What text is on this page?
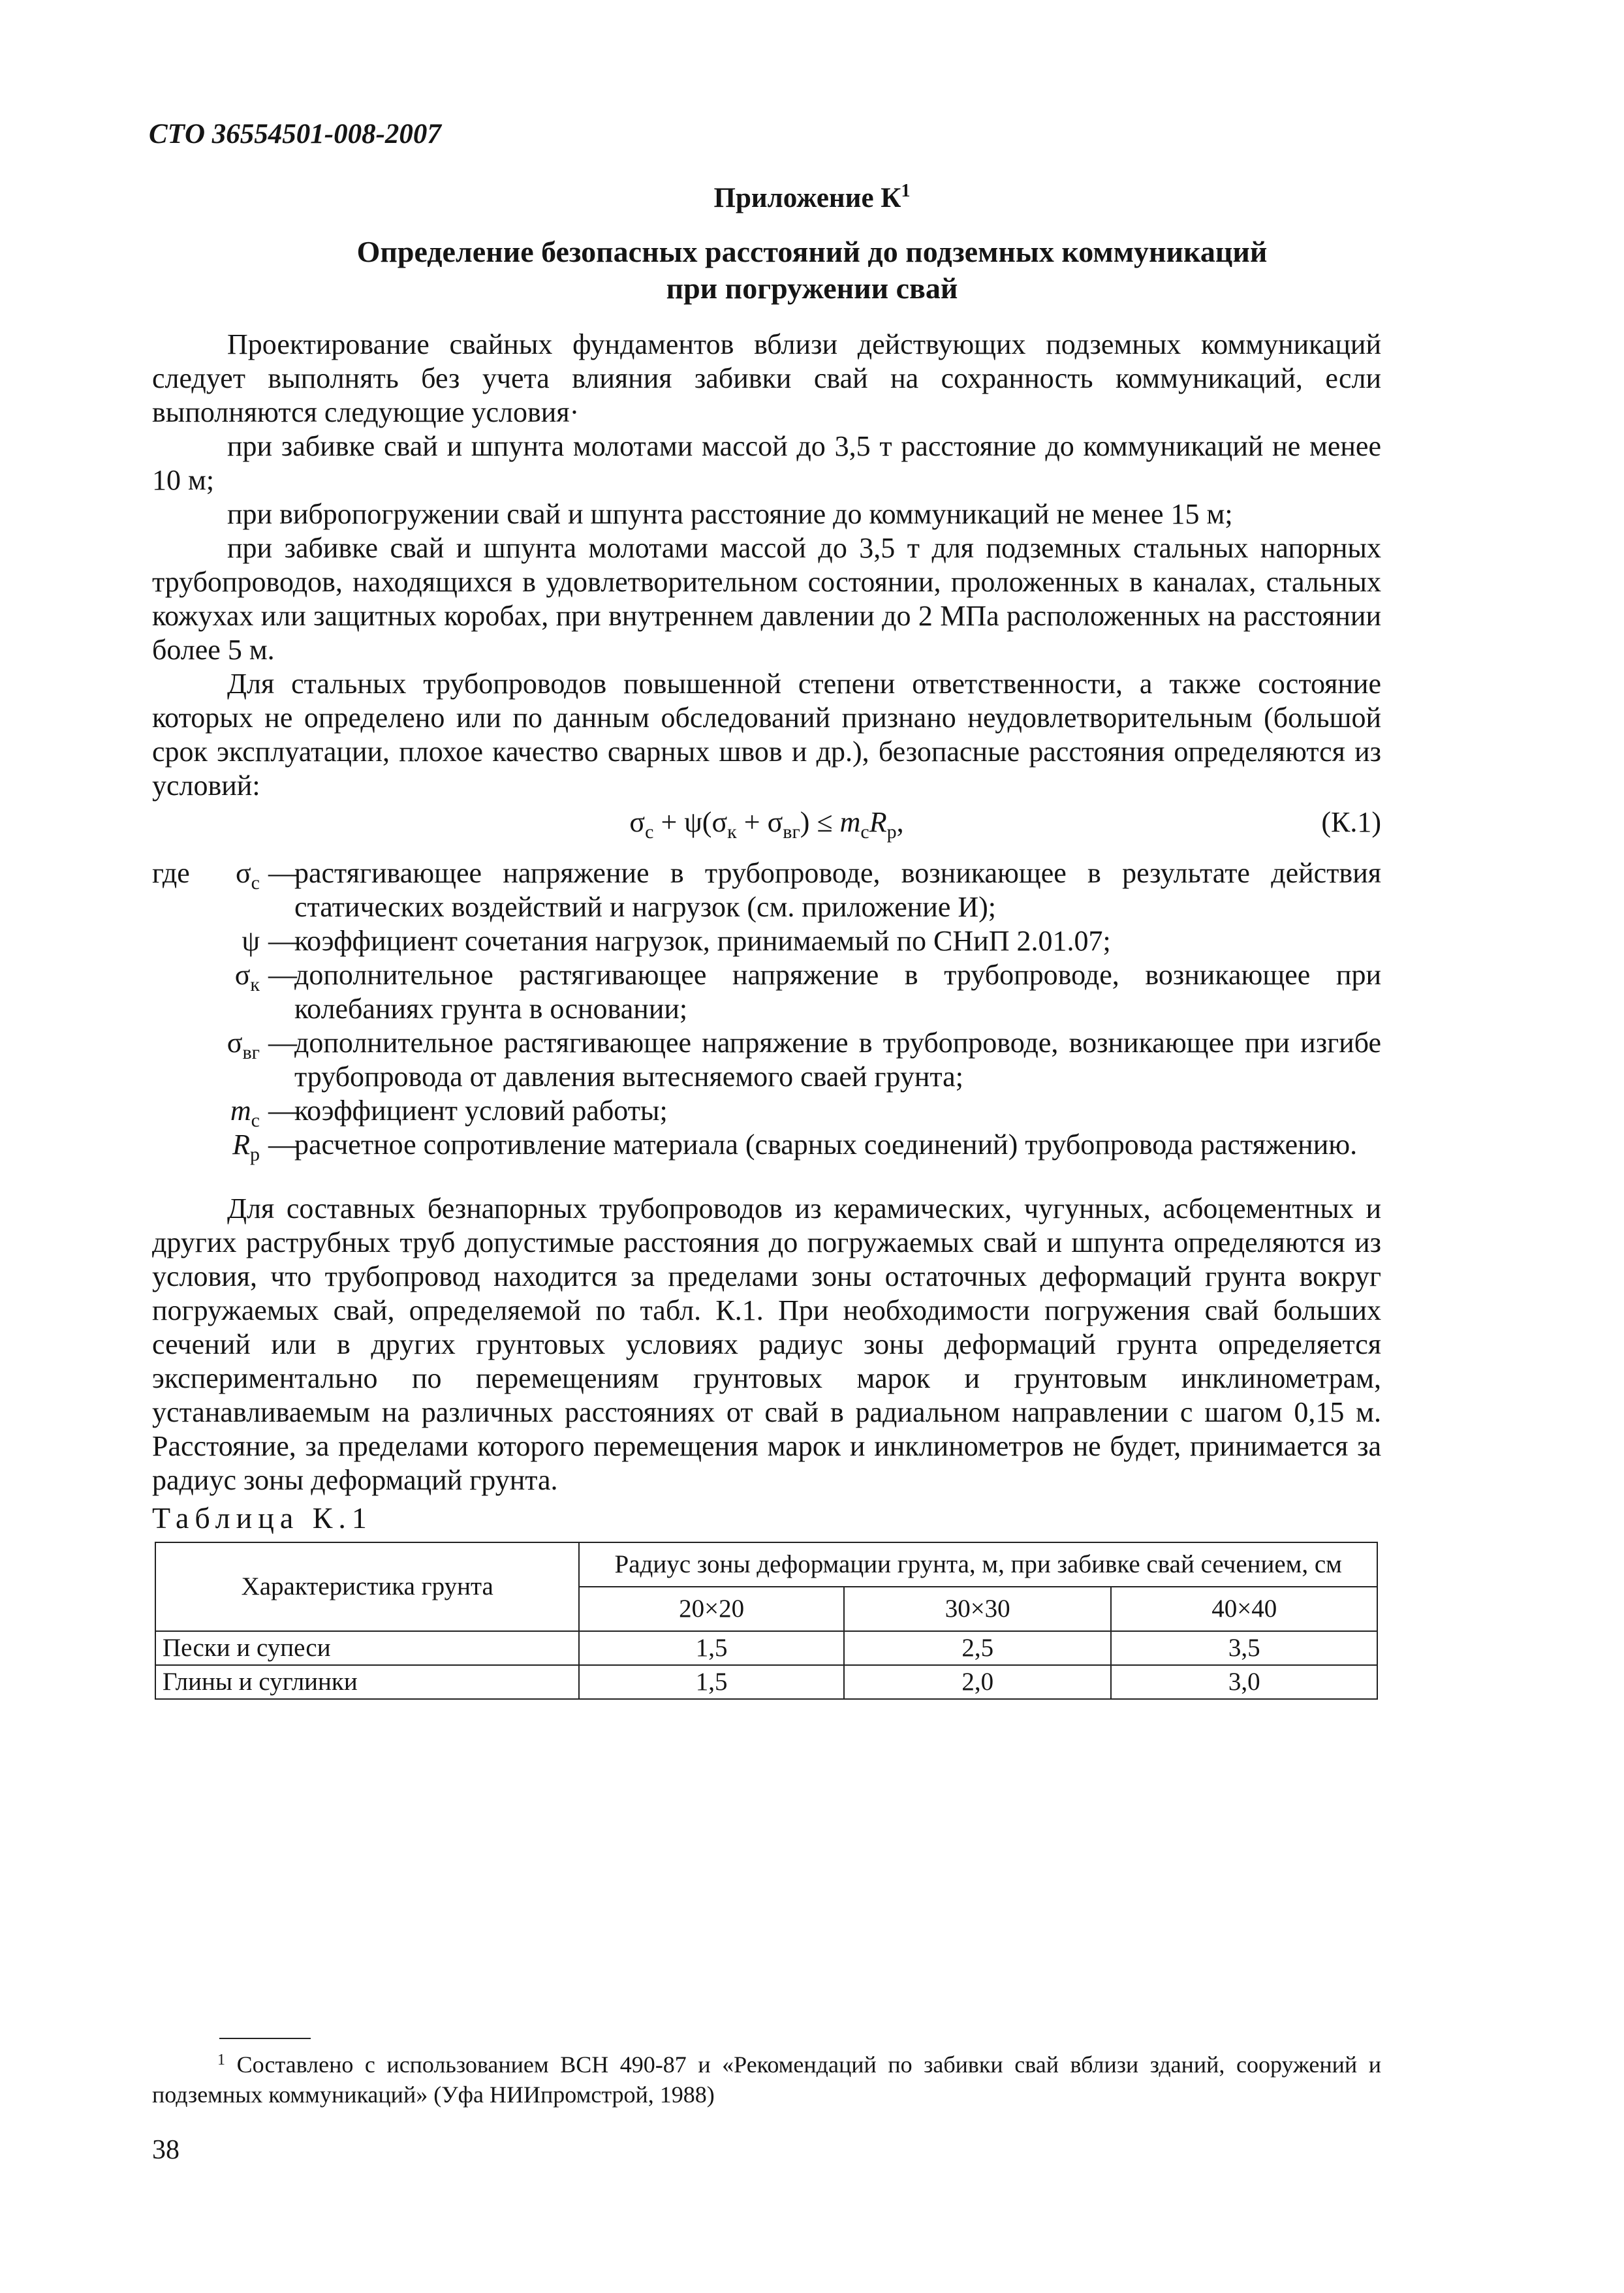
СТО 36554501-008-2007
Приложение $К^1$
Определение безопасных расстояний до подземных коммуникаций
при погружении свай

Проектирование свайных фундаментов вблизи действующих подземных коммуникаций следует выполнять без учета влияния забивки свай на сохранность коммуникаций, если выполняются следующие условия·

при забивке свай и шпунта молотами массой до 3,5 т расстояние до коммуникаций не менее 10 м;

при вибропогружении свай и шпунта расстояние до коммуникаций не менее 15 м;

при забивке свай и шпунта молотами массой до 3,5 т для подземных стальных напорных трубопроводов, находящихся в удовлетворительном состоянии, проложенных в каналах, стальных кожухах или защитных коробах, при внутреннем давлении до 2 МПа расположенных на расстоянии более 5 м.

Для стальных трубопроводов повышенной степени ответственности, а также состояние которых не определено или по данным обследований признано неудовлетворительным (большой срок эксплуатации, плохое качество сварных швов и др.), безопасные расстояния определяются из условий:

$\sigma_с + \psi(\sigma_к + \sigma_{вг}) \le m_сR_р$,	(К.1)
где	$\sigma_с$ —
растягивающее напряжение в трубопроводе, возникающее в результате действия статических воздействий и нагрузок (см. приложение И);
ψ —
коэффициент сочетания нагрузок, принимаемый по СНиП 2.01.07;
$\sigma_к$ —
дополнительное растягивающее напряжение в трубопроводе, возникающее при колебаниях грунта в основании;
$\sigma_{вг}$ —
дополнительное растягивающее напряжение в трубопроводе, возникающее при изгибе трубопровода от давления вытесняемого сваей грунта;
$m_с$ —
коэффициент условий работы;
$R_р$ —
расчетное сопротивление материала (сварных соединений) трубопровода растяжению.

Для составных безнапорных трубопроводов из керамических, чугунных, асбоцементных и других раструбных труб допустимые расстояния до погружаемых свай и шпунта определяются из условия, что трубопровод находится за пределами зоны остаточных деформаций грунта вокруг погружаемых свай, определяемой по табл. К.1. При необходимости погружения свай больших сечений или в других грунтовых условиях радиус зоны деформаций грунта определяется экспериментально по перемещениям грунтовых марок и грунтовым инклинометрам, устанавливаемым на различных расстояниях от свай в радиальном направлении с шагом 0,15 м. Расстояние, за пределами которого перемещения марок и инклинометров не будет, принимается за радиус зоны деформаций грунта.

Таблица К.1
Характеристика грунта	Радиус зоны деформации грунта, м, при забивке свай сечением, см		
	20×20	30×30	40×40
Пески и супеси	1,5	2,5	3,5
Глины и суглинки	1,5	2,0	3,0
$^1$ Составлено с использованием ВСН 490-87 и «Рекомендаций по забивки свай вблизи зданий, сооружений и подземных коммуникаций» (Уфа НИИпромстрой, 1988)
38
